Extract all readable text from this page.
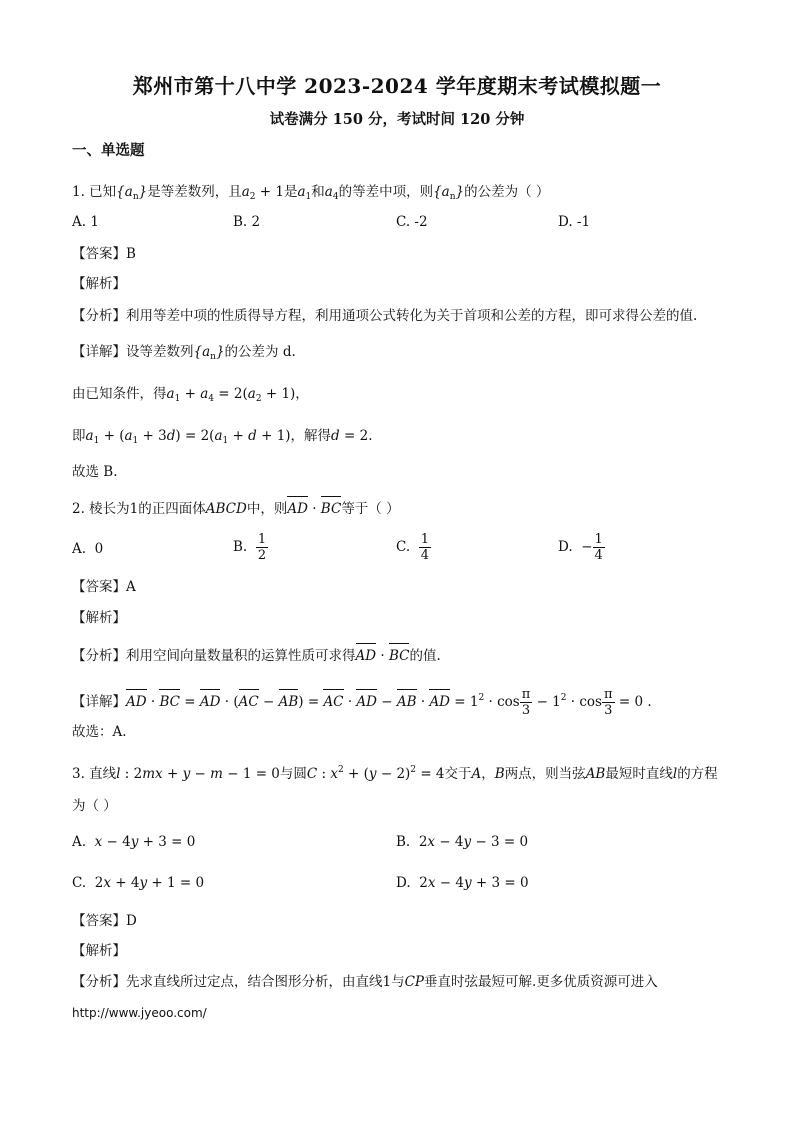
郑州市第十八中学 2023-2024 学年度期末考试模拟题一
试卷满分 150 分，考试时间 120 分钟
一、单选题
1. 已知$\{a_n\}$是等差数列，且$a_2 + 1$是$a_1$和$a_4$的等差中项，则$\{a_n\}$的公差为（ ）
A. 1	B. 2	C. -2	D. -1
【答案】B
【解析】
【分析】利用等差中项的性质得导方程，利用通项公式转化为关于首项和公差的方程，即可求得公差的值.
【详解】设等差数列$\{a_n\}$的公差为 d.
由已知条件，得$a_1 + a_4 = 2(a_2 + 1)$，
即$a_1 + (a_1 + 3d) = 2(a_1 + d + 1)$，解得d = 2.
故选 B.
2. 棱长为1的正四面体ABCD中，则AD · BC等于（ ）
A. 0	B. $\frac{1}{2}$	C. $\frac{1}{4}$	D. − $\frac{1}{4}$
【答案】A
【解析】
【分析】利用空间向量数量积的运算性质可求得AD · BC的值.
【详解】AD · BC = AD · (AC − AB) = AC · AD − AB · AD = $1^2 \cdot \cos \frac{\pi}{3} - 1^2 \cdot \cos \frac{\pi}{3} = 0$ .
故选：A.
3. 直线l : 2mx + y − m − 1 = 0与圆C : $x^2 + (y - 2)^2 = 4$交于A，B两点，则当弦AB最短时直线l的方程
为（ ）
A. x − 4y + 3 = 0	B. 2x − 4y − 3 = 0
C. 2x + 4y + 1 = 0	D. 2x − 4y + 3 = 0
【答案】D
【解析】
【分析】先求直线所过定点，结合图形分析，由直线1与CP垂直时弦最短可解.更多优质资源可进入
http://www.jyeoo.com/
